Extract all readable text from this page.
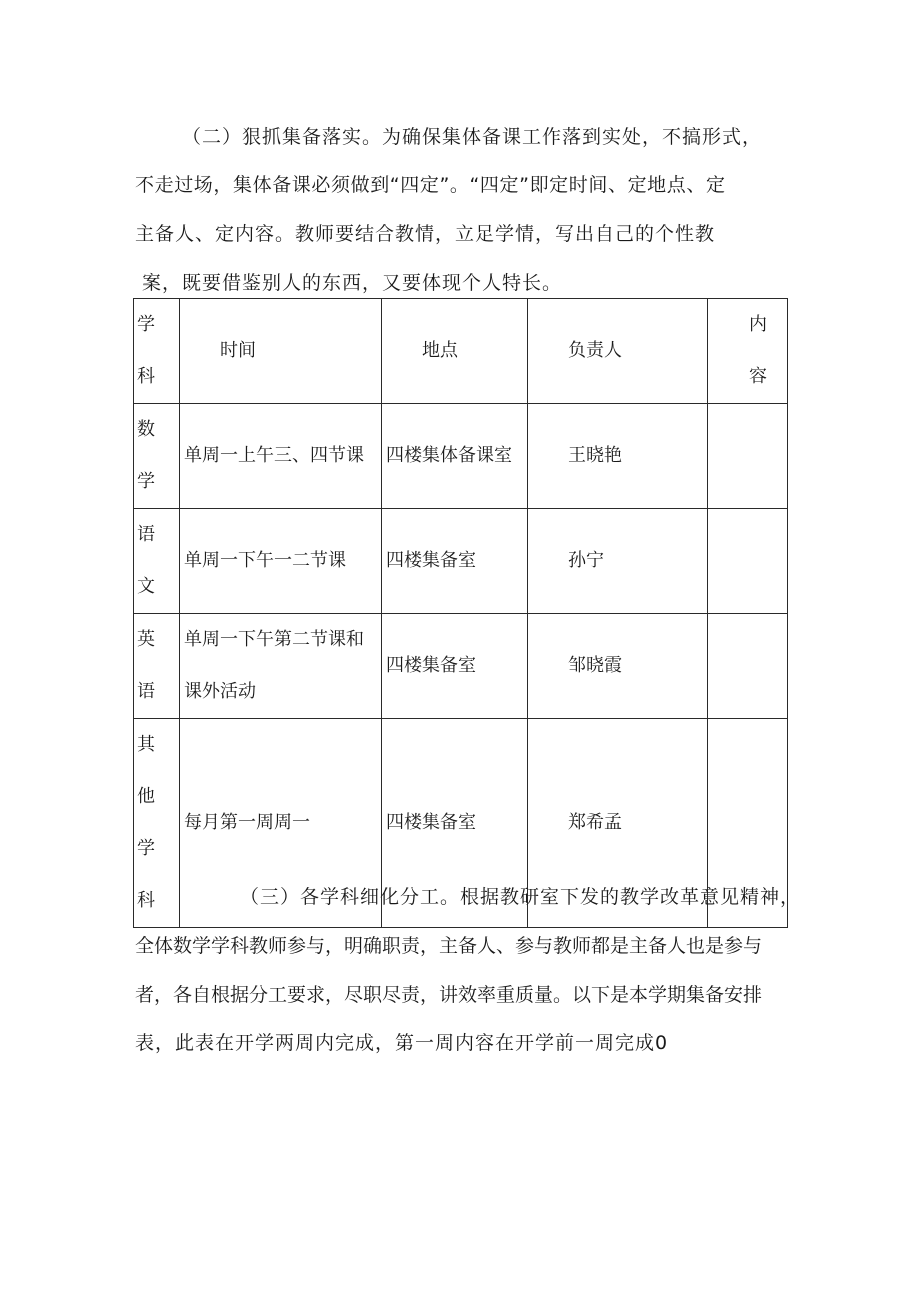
（二）狠抓集备落实。为确保集体备课工作落到实处，不搞形式，
不走过场，集体备课必须做到“四定”。“四定”即定时间、定地点、定
主备人、定内容。教师要结合教情，立足学情，写出自己的个性教
案，既要借鉴别人的东西，又要体现个人特长。
学科	时间	地点	负责人	内容

数学	单周一上午三、四节课	四楼集体备课室	王晓艳	

语文	单周一下午一二节课	四楼集备室	孙宁	

英语	单周一下午第二节课和课外活动	四楼集备室	邹晓霞	

其他学科	每月第一周周一	四楼集备室	郑希孟	
（三）各学科细化分工。根据教研室下发的教学改革意见精神，
全体数学学科教师参与，明确职责，主备人、参与教师都是主备人也是参与
者，各自根据分工要求，尽职尽责，讲效率重质量。以下是本学期集备安排
表，此表在开学两周内完成，第一周内容在开学前一周完成0
